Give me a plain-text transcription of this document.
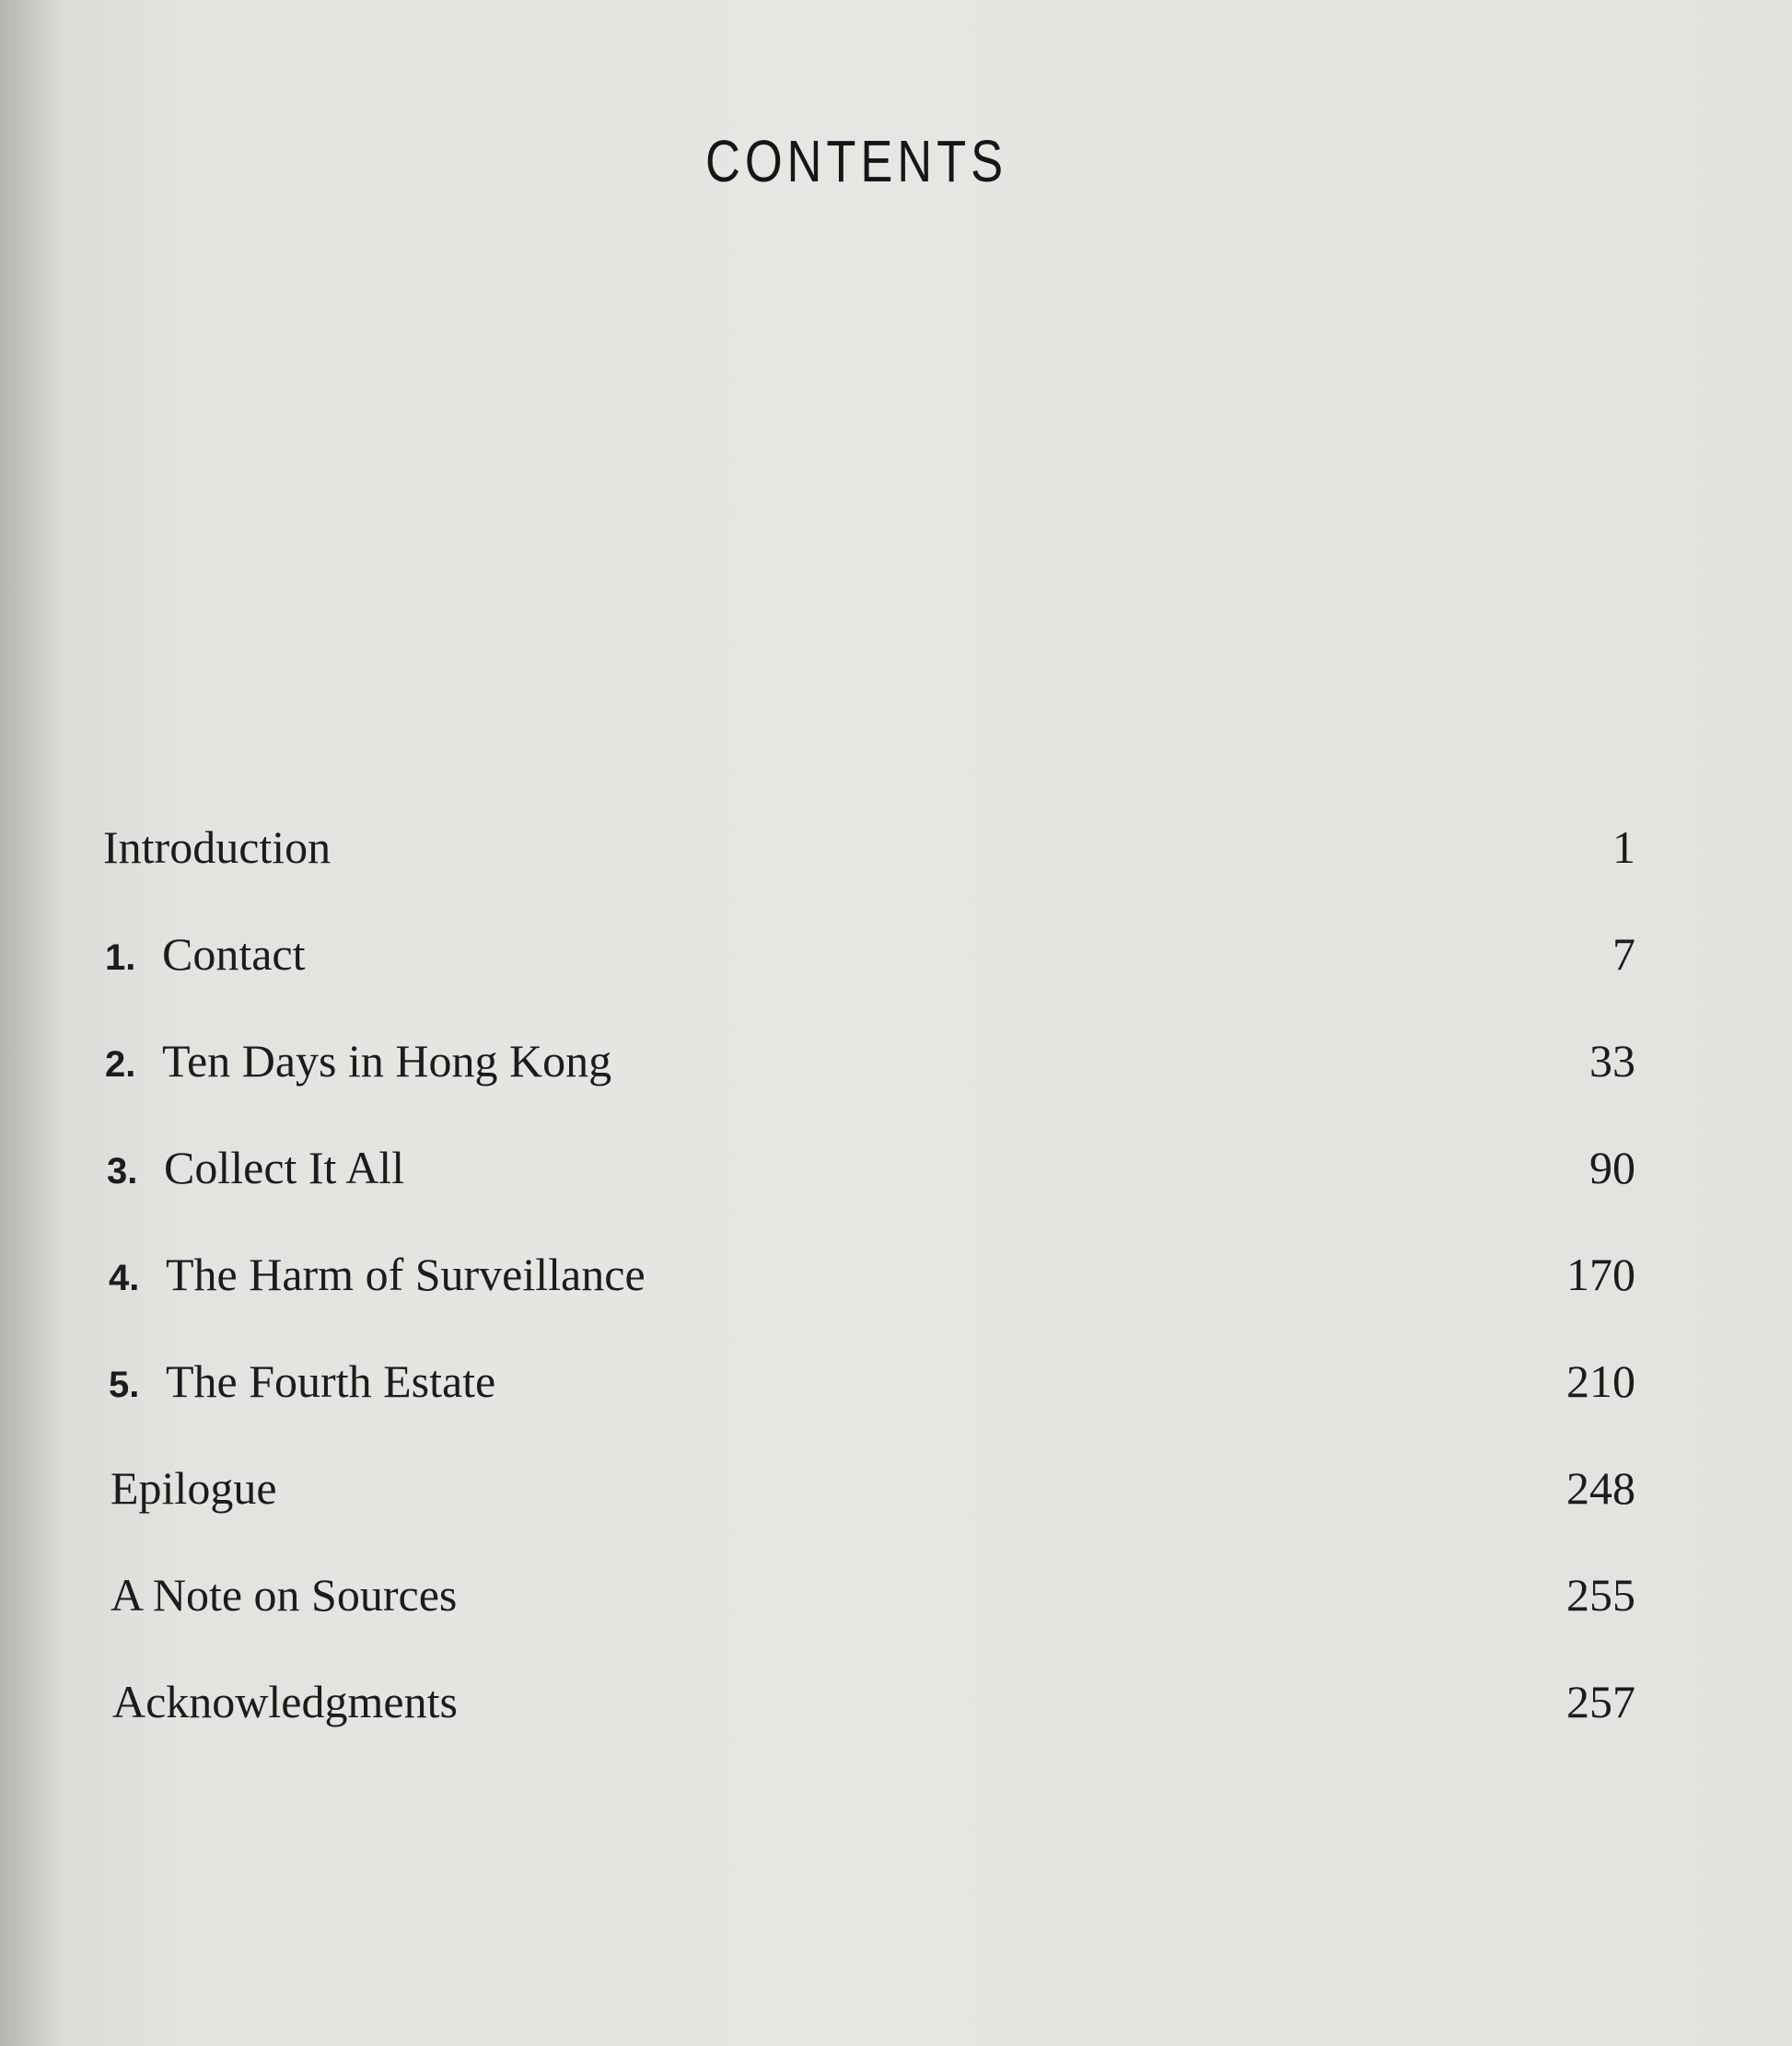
CONTENTS
Introduction	1
1. Contact	7
2. Ten Days in Hong Kong	33
3. Collect It All	90
4. The Harm of Surveillance	170
5. The Fourth Estate	210
Epilogue	248
A Note on Sources	255
Acknowledgments	257
